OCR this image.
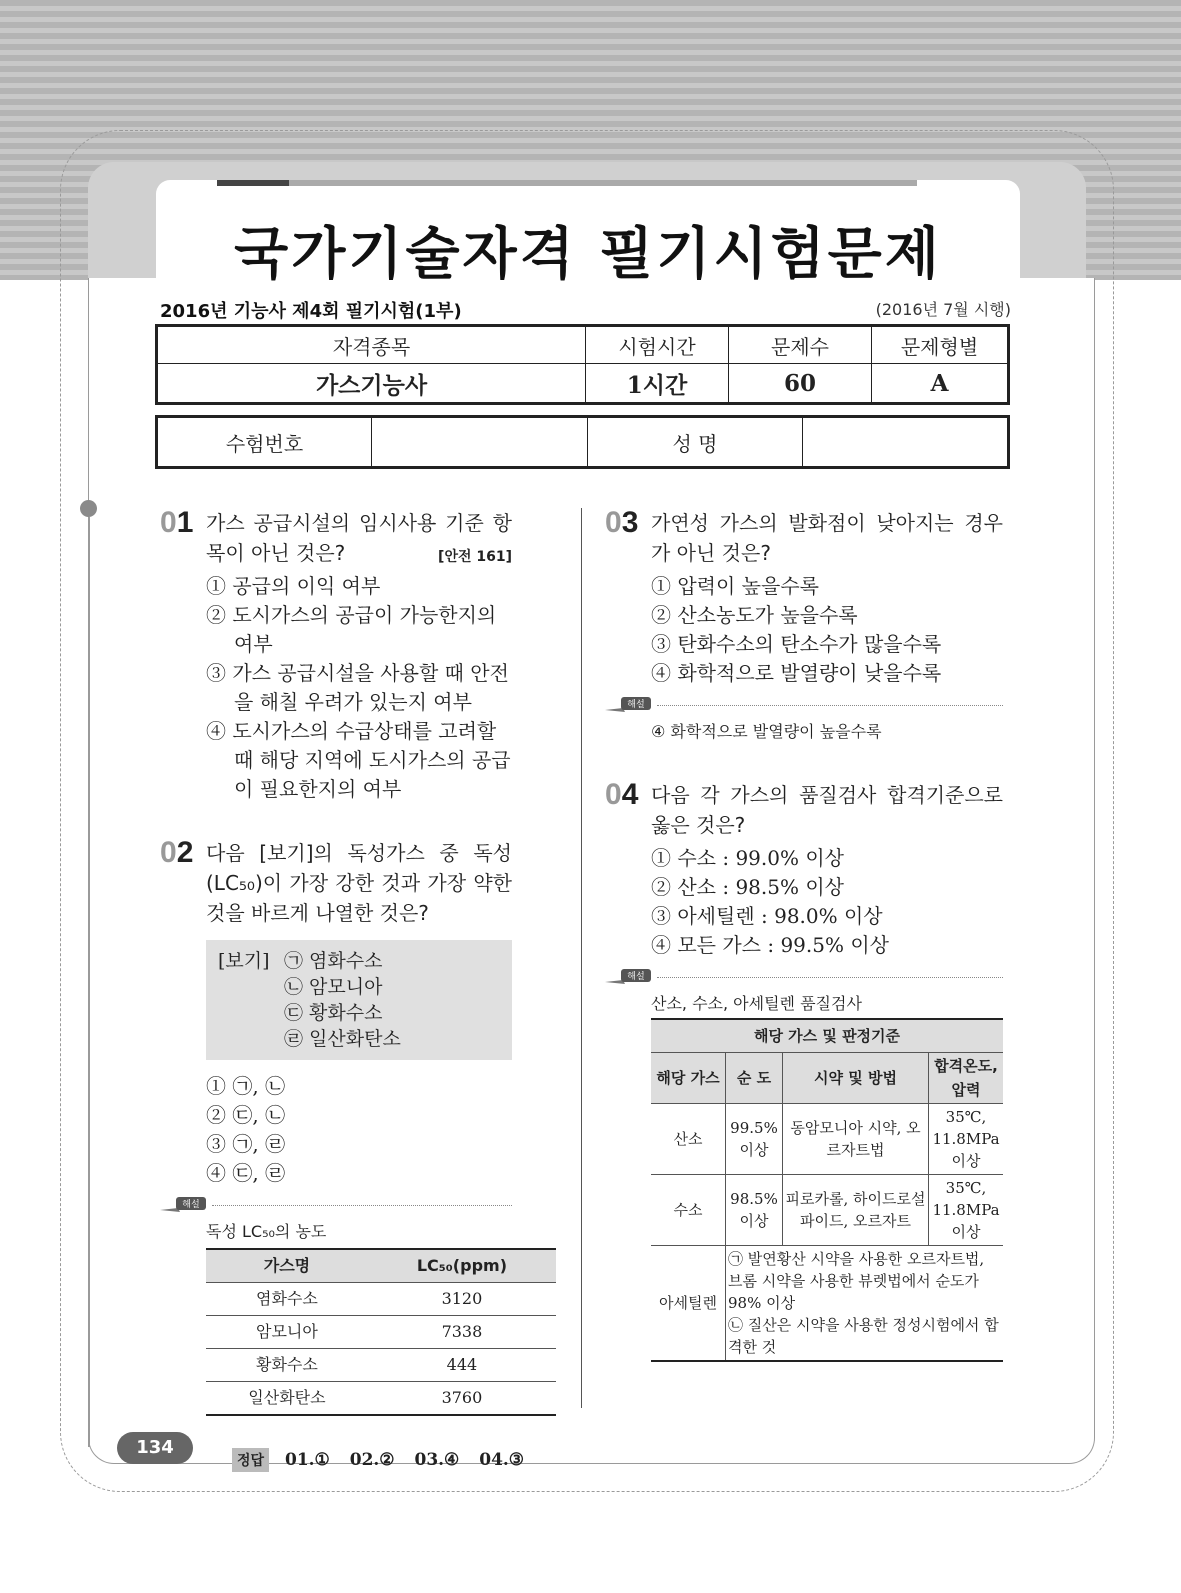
국가기술자격 필기시험문제
2016년 기능사 제4회 필기시험(1부)	(2016년 7월 시행)
자격종목	시험시간	문제수	문제형별
가스기능사	1시간	60	A
수험번호		성 명	
01 가스 공급시설의 임시사용 기준 항목이 아닌 것은?	[안전 161]
① 공급의 이익 여부
② 도시가스의 공급이 가능한지의 여부
③ 가스 공급시설을 사용할 때 안전을 해칠 우려가 있는지 여부
④ 도시가스의 수급상태를 고려할 때 해당 지역에 도시가스의 공급이 필요한지의 여부
02 다음 [보기]의 독성가스 중 독성(LC₅₀)이 가장 강한 것과 가장 약한 것을 바르게 나열한 것은?
[보기] ㉠ 염화수소
㉡ 암모니아
㉢ 황화수소
㉣ 일산화탄소
① ㉠, ㉡
② ㉢, ㉡
③ ㉠, ㉣
④ ㉢, ㉣
해설
독성 LC₅₀의 농도
가스명	LC₅₀(ppm)
염화수소	3120
암모니아	7338
황화수소	444
일산화탄소	3760
03 가연성 가스의 발화점이 낮아지는 경우가 아닌 것은?
① 압력이 높을수록
② 산소농도가 높을수록
③ 탄화수소의 탄소수가 많을수록
④ 화학적으로 발열량이 낮을수록
해설
④ 화학적으로 발열량이 높을수록
04 다음 각 가스의 품질검사 합격기준으로 옳은 것은?
① 수소 : 99.0% 이상
② 산소 : 98.5% 이상
③ 아세틸렌 : 98.0% 이상
④ 모든 가스 : 99.5% 이상
해설
산소, 수소, 아세틸렌 품질검사
해당 가스 및 판정기준			
해당 가스	순 도	시약 및 방법	합격온도, 압력
산소	99.5% 이상	동암모니아 시약, 오르자트법	35℃, 11.8MPa 이상
수소	98.5% 이상	피로카롤, 하이드로설파이드, 오르자트	35℃, 11.8MPa 이상
아세틸렌	㉠ 발연황산 시약을 사용한 오르자트법, 브롬 시약을 사용한 뷰렛법에서 순도가 98% 이상
㉡ 질산은 시약을 사용한 정성시험에서 합격한 것		
134
정답 01.① 02.② 03.④ 04.③
